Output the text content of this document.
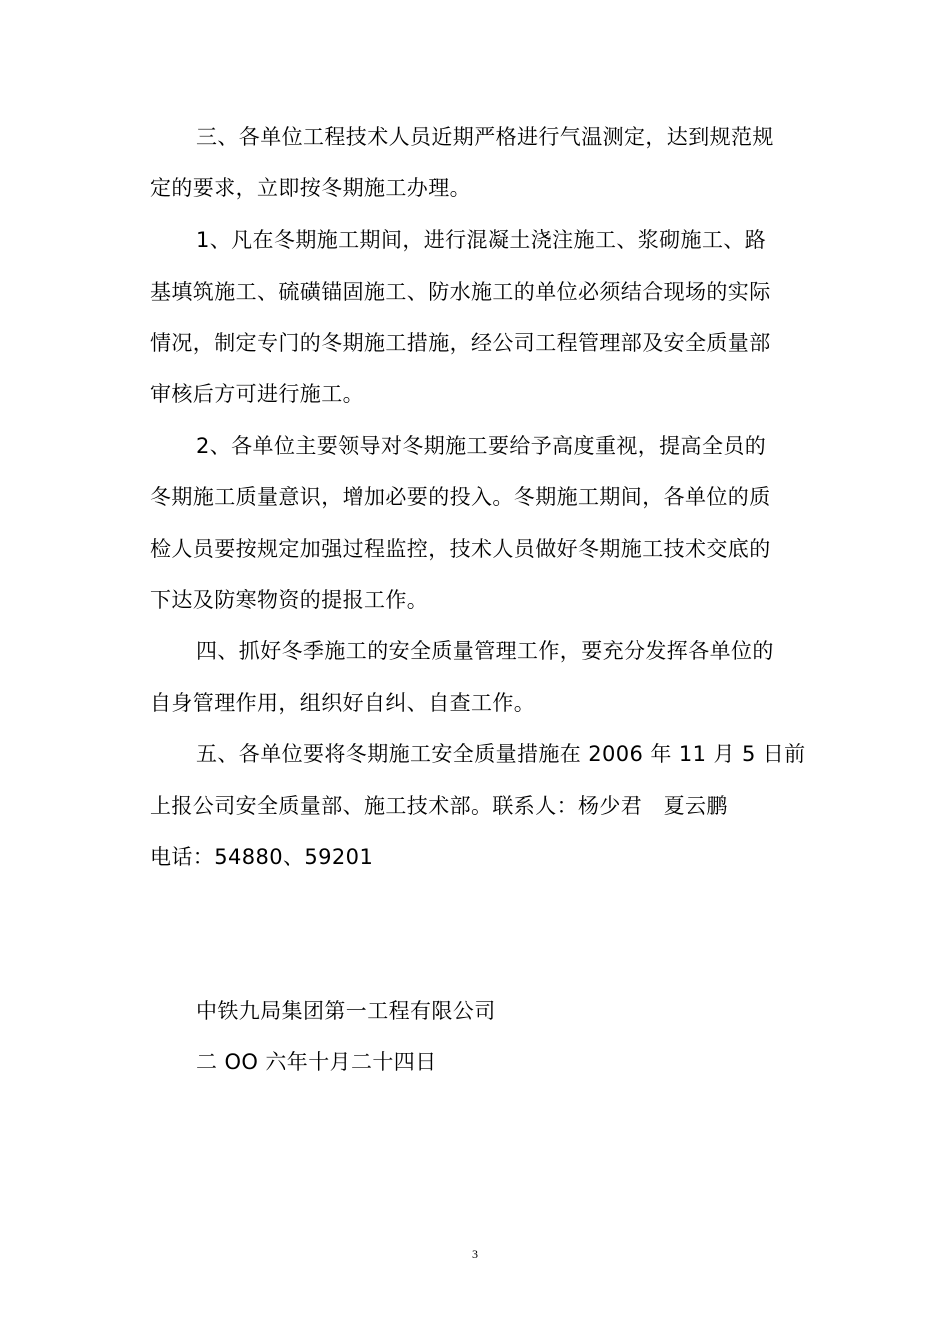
三、各单位工程技术人员近期严格进行气温测定，达到规范规
定的要求，立即按冬期施工办理。
1、凡在冬期施工期间，进行混凝土浇注施工、浆砌施工、路
基填筑施工、硫磺锚固施工、防水施工的单位必须结合现场的实际
情况，制定专门的冬期施工措施，经公司工程管理部及安全质量部
审核后方可进行施工。
2、各单位主要领导对冬期施工要给予高度重视，提高全员的
冬期施工质量意识，增加必要的投入。冬期施工期间，各单位的质
检人员要按规定加强过程监控，技术人员做好冬期施工技术交底的
下达及防寒物资的提报工作。
四、抓好冬季施工的安全质量管理工作，要充分发挥各单位的
自身管理作用，组织好自纠、自查工作。
五、各单位要将冬期施工安全质量措施在 2006 年 11 月 5 日前
上报公司安全质量部、施工技术部。联系人：杨少君　夏云鹏
电话：54880、59201
中铁九局集团第一工程有限公司
二 OO 六年十月二十四日
3
